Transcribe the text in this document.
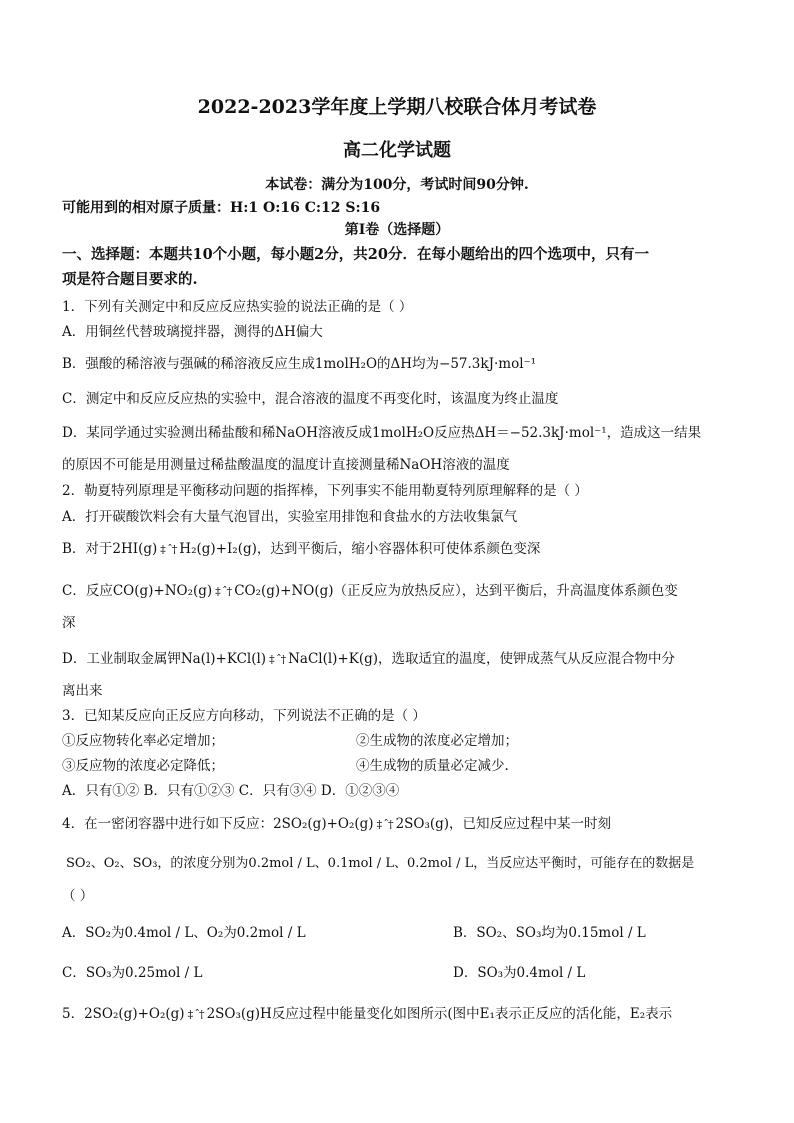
2022-2023学年度上学期八校联合体月考试卷
高二化学试题
本试卷：满分为100分，考试时间90分钟.
可能用到的相对原子质量：H:1 O:16 C:12 S:16
第Ⅰ卷（选择题）
一、选择题：本题共10个小题，每小题2分，共20分．在每小题给出的四个选项中，只有一
项是符合题目要求的.
1．下列有关测定中和反应反应热实验的说法正确的是（ ）
A．用铜丝代替玻璃搅拌器，测得的ΔH偏大
B．强酸的稀溶液与强碱的稀溶液反应生成1molH₂O的ΔH均为−57.3kJ·mol⁻¹
C．测定中和反应反应热的实验中，混合溶液的温度不再变化时，该温度为终止温度
D．某同学通过实验测出稀盐酸和稀NaOH溶液反成1molH₂O反应热ΔH＝−52.3kJ·mol⁻¹，造成这一结果
的原因不可能是用测量过稀盐酸温度的温度计直接测量稀NaOH溶液的温度
2．勒夏特列原理是平衡移动问题的指挥棒，下列事实不能用勒夏特列原理解释的是（ ）
A．打开碳酸饮料会有大量气泡冒出，实验室用排饱和食盐水的方法收集氯气
B．对于2HI(g) ‡ ˆ† H₂(g)+I₂(g)，达到平衡后，缩小容器体积可使体系颜色变深
C．反应CO(g)+NO₂(g) ‡ ˆ† CO₂(g)+NO(g)（正反应为放热反应），达到平衡后，升高温度体系颜色变
深
D．工业制取金属钾Na(l)+KCl(l) ‡ ˆ† NaCl(l)+K(g)，选取适宜的温度，使钾成蒸气从反应混合物中分
离出来
3．已知某反应向正反应方向移动，下列说法不正确的是（ ）
①反应物转化率必定增加；	②生成物的浓度必定增加；
③反应物的浓度必定降低；	④生成物的质量必定减少.
A．只有①② B．只有①②③ C．只有③④ D．①②③④
4．在一密闭容器中进行如下反应：2SO₂(g)+O₂(g) ‡ ˆ† 2SO₃(g)，已知反应过程中某一时刻
SO₂、O₂、SO₃，的浓度分别为0.2mol / L、0.1mol / L、0.2mol / L，当反应达平衡时，可能存在的数据是
（ ）
A．SO₂为0.4mol / L、O₂为0.2mol / L	B．SO₂、SO₃均为0.15mol / L
C．SO₃为0.25mol / L	D．SO₃为0.4mol / L
5．2SO₂(g)+O₂(g) ‡ ˆ† 2SO₃(g)H反应过程中能量变化如图所示(图中E₁表示正反应的活化能，E₂表示
